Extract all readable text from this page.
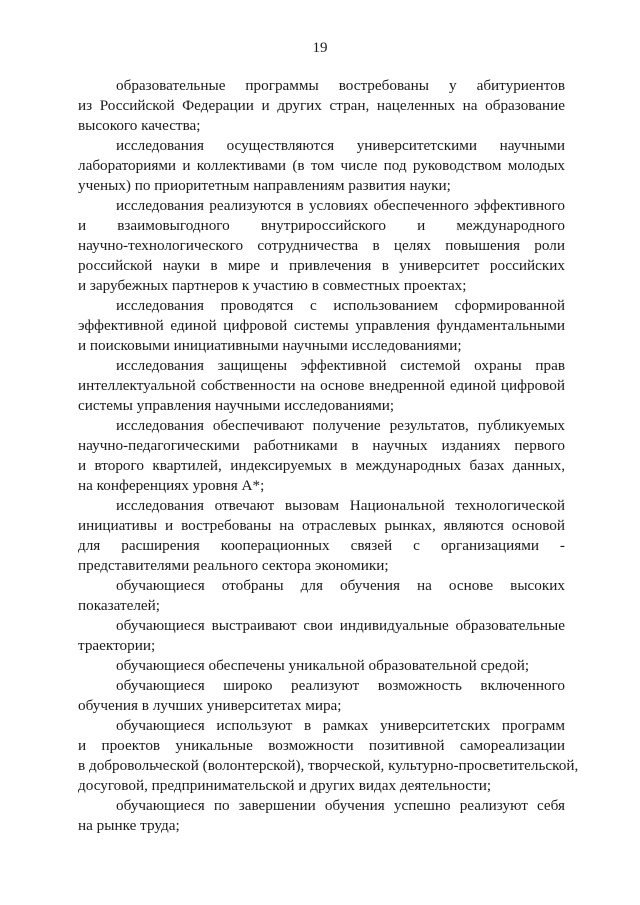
19
образовательные программы востребованы у абитуриентов
из Российской Федерации и других стран, нацеленных на образование
высокого качества;
исследования осуществляются университетскими научными
лабораториями и коллективами (в том числе под руководством молодых
ученых) по приоритетным направлениям развития науки;
исследования реализуются в условиях обеспеченного эффективного
и взаимовыгодного внутрироссийского и международного
научно-технологического сотрудничества в целях повышения роли
российской науки в мире и привлечения в университет российских
и зарубежных партнеров к участию в совместных проектах;
исследования проводятся с использованием сформированной
эффективной единой цифровой системы управления фундаментальными
и поисковыми инициативными научными исследованиями;
исследования защищены эффективной системой охраны прав
интеллектуальной собственности на основе внедренной единой цифровой
системы управления научными исследованиями;
исследования обеспечивают получение результатов, публикуемых
научно-педагогическими работниками в научных изданиях первого
и второго квартилей, индексируемых в международных базах данных,
на конференциях уровня А*;
исследования отвечают вызовам Национальной технологической
инициативы и востребованы на отраслевых рынках, являются основой
для расширения кооперационных связей с организациями -
представителями реального сектора экономики;
обучающиеся отобраны для обучения на основе высоких
показателей;
обучающиеся выстраивают свои индивидуальные образовательные
траектории;
обучающиеся обеспечены уникальной образовательной средой;
обучающиеся широко реализуют возможность включенного
обучения в лучших университетах мира;
обучающиеся используют в рамках университетских программ
и проектов уникальные возможности позитивной самореализации
в добровольческой (волонтерской), творческой, культурно-просветительской,
досуговой, предпринимательской и других видах деятельности;
обучающиеся по завершении обучения успешно реализуют себя
на рынке труда;
